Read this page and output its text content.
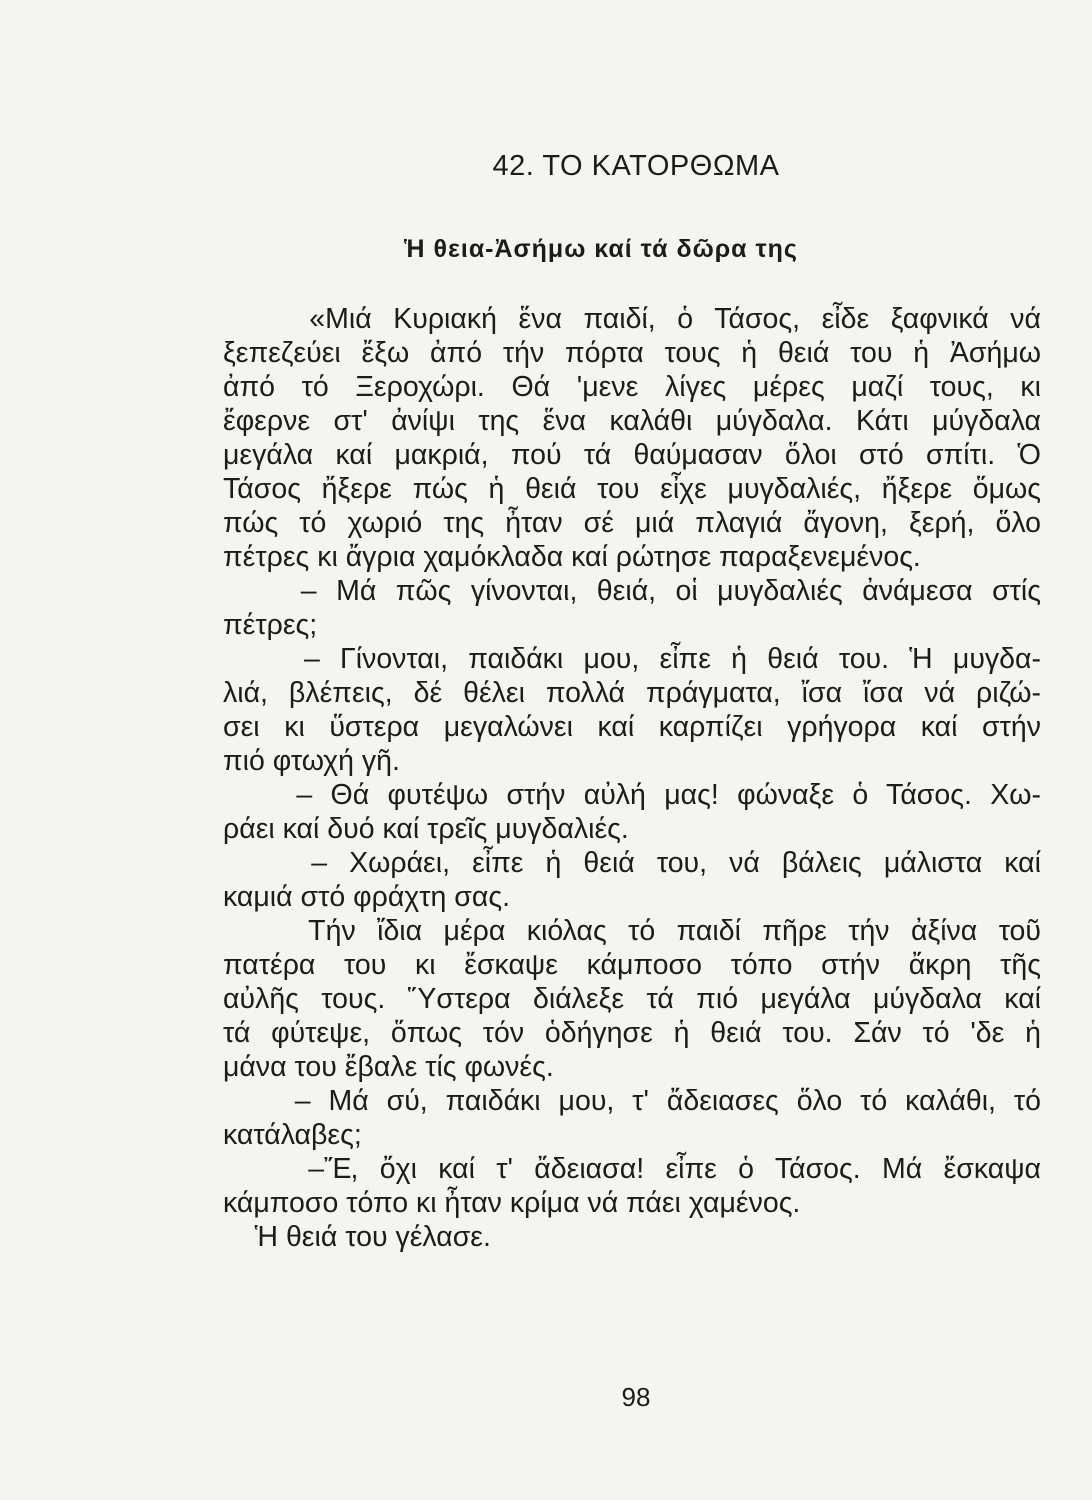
42. ΤΟ ΚΑΤΟΡΘΩΜΑ
Ἡ θεια-Ἀσήμω καί τά δῶρα της
«Μιά Κυριακή ἕνα παιδί, ὁ Τάσος, εἶδε ξαφνικά νά
ξεπεζεύει ἔξω ἀπό τήν πόρτα τους ἡ θειά του ἡ Ἀσήμω
ἀπό τό Ξεροχώρι. Θά 'μενε λίγες μέρες μαζί τους, κι
ἔφερνε στ' ἀνίψι της ἕνα καλάθι μύγδαλα. Κάτι μύγδαλα
μεγάλα καί μακριά, πού τά θαύμασαν ὅλοι στό σπίτι. Ὁ
Τάσος ἤξερε πώς ἡ θειά του εἶχε μυγδαλιές, ἤξερε ὅμως
πώς τό χωριό της ἦταν σέ μιά πλαγιά ἄγονη, ξερή, ὅλο
πέτρες κι ἄγρια χαμόκλαδα καί ρώτησε παραξενεμένος.
– Μά πῶς γίνονται, θειά, οἱ μυγδαλιές ἀνάμεσα στίς
πέτρες;
– Γίνονται, παιδάκι μου, εἶπε ἡ θειά του. Ἡ μυγδα-
λιά, βλέπεις, δέ θέλει πολλά πράγματα, ἴσα ἴσα νά ριζώ-
σει κι ὕστερα μεγαλώνει καί καρπίζει γρήγορα καί στήν
πιό φτωχή γῆ.
– Θά φυτέψω στήν αὐλή μας! φώναξε ὁ Τάσος. Χω-
ράει καί δυό καί τρεῖς μυγδαλιές.
– Χωράει, εἶπε ἡ θειά του, νά βάλεις μάλιστα καί
καμιά στό φράχτη σας.
Τήν ἴδια μέρα κιόλας τό παιδί πῆρε τήν ἀξίνα τοῦ
πατέρα του κι ἔσκαψε κάμποσο τόπο στήν ἄκρη τῆς
αὐλῆς τους. Ὕστερα διάλεξε τά πιό μεγάλα μύγδαλα καί
τά φύτεψε, ὅπως τόν ὁδήγησε ἡ θειά του. Σάν τό 'δε ἡ
μάνα του ἔβαλε τίς φωνές.
– Μά σύ, παιδάκι μου, τ' ἄδειασες ὅλο τό καλάθι, τό
κατάλαβες;
–Ἔ, ὄχι καί τ' ἄδειασα! εἶπε ὁ Τάσος. Μά ἔσκαψα
κάμποσο τόπο κι ἦταν κρίμα νά πάει χαμένος.
Ἡ θειά του γέλασε.
98
